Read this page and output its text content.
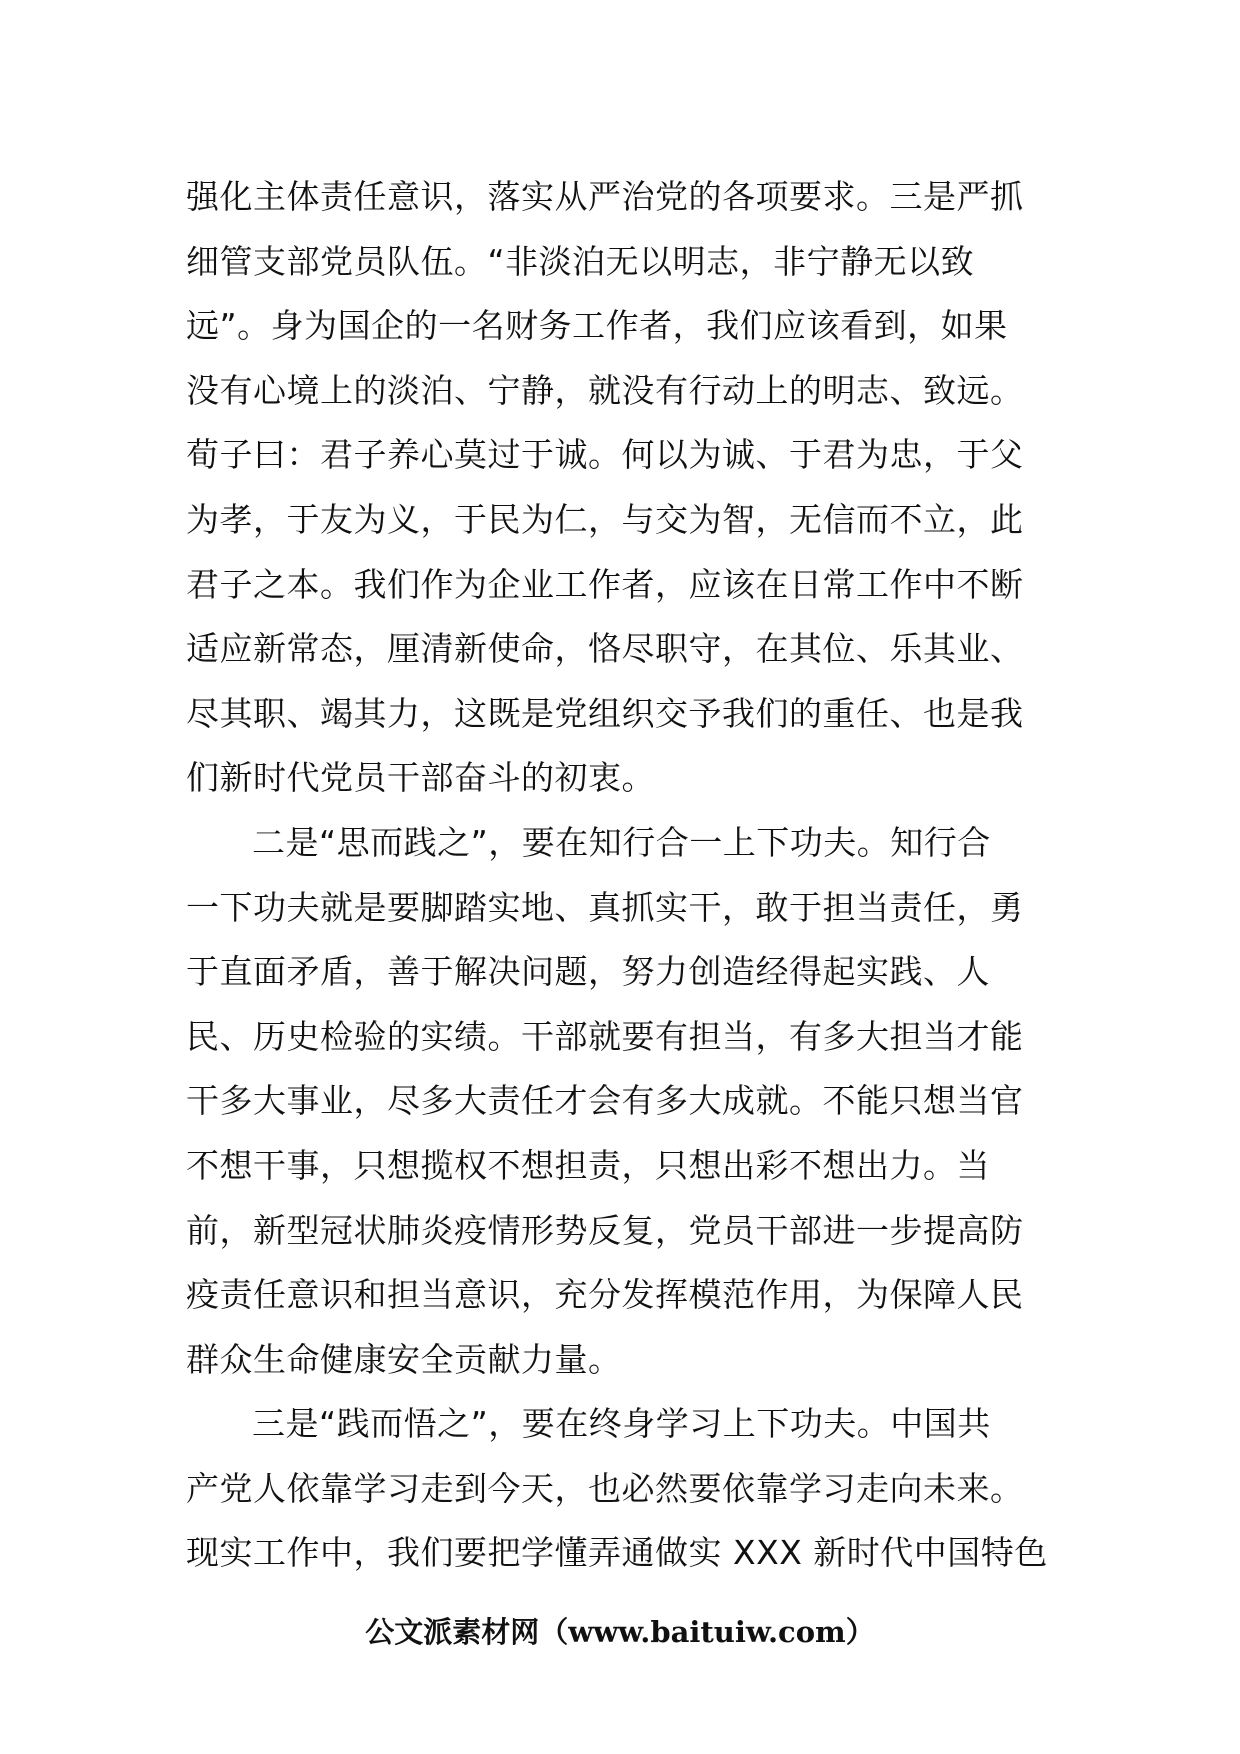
强化主体责任意识，落实从严治党的各项要求。三是严抓
细管支部党员队伍。“非淡泊无以明志，非宁静无以致
远”。身为国企的一名财务工作者，我们应该看到，如果
没有心境上的淡泊、宁静，就没有行动上的明志、致远。
荀子曰：君子养心莫过于诚。何以为诚、于君为忠，于父
为孝，于友为义，于民为仁，与交为智，无信而不立，此
君子之本。我们作为企业工作者，应该在日常工作中不断
适应新常态，厘清新使命，恪尽职守，在其位、乐其业、
尽其职、竭其力，这既是党组织交予我们的重任、也是我
们新时代党员干部奋斗的初衷。
二是“思而践之”，要在知行合一上下功夫。知行合
一下功夫就是要脚踏实地、真抓实干，敢于担当责任，勇
于直面矛盾，善于解决问题，努力创造经得起实践、人
民、历史检验的实绩。干部就要有担当，有多大担当才能
干多大事业，尽多大责任才会有多大成就。不能只想当官
不想干事，只想揽权不想担责，只想出彩不想出力。当
前，新型冠状肺炎疫情形势反复，党员干部进一步提高防
疫责任意识和担当意识，充分发挥模范作用，为保障人民
群众生命健康安全贡献力量。
三是“践而悟之”，要在终身学习上下功夫。中国共
产党人依靠学习走到今天，也必然要依靠学习走向未来。
现实工作中，我们要把学懂弄通做实 XXX 新时代中国特色
公文派素材网（www.baituiw.com）
